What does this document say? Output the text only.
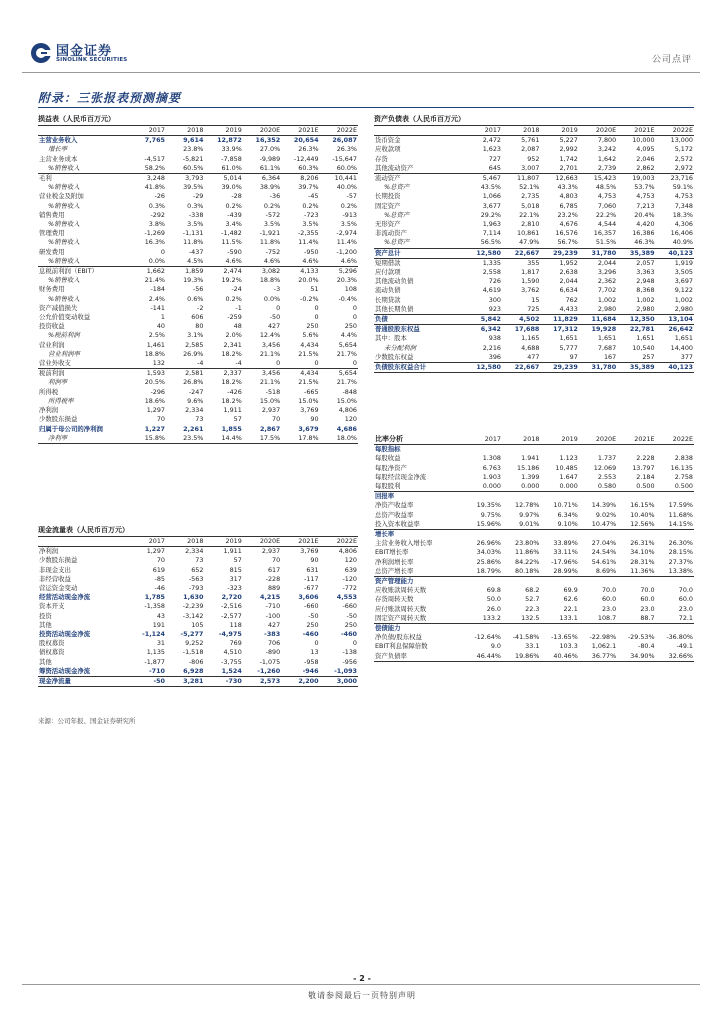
国金证券
SINOLINK SECURITIES	公司点评
附录：三张报表预测摘要
损益表（人民币百万元）
	2017	2018	2019	2020E	2021E	2022E
主营业务收入	7,765	9,614	12,872	16,352	20,654	26,087
增长率		23.8%	33.9%	27.0%	26.3%	26.3%
主营业务成本	-4,517	-5,821	-7,858	-9,989	-12,449	-15,647
%销售收入	58.2%	60.5%	61.0%	61.1%	60.3%	60.0%
毛利	3,248	3,793	5,014	6,364	8,206	10,441
%销售收入	41.8%	39.5%	39.0%	38.9%	39.7%	40.0%
营业税金及附加	-26	-29	-28	-36	-45	-57
%销售收入	0.3%	0.3%	0.2%	0.2%	0.2%	0.2%
销售费用	-292	-338	-439	-572	-723	-913
%销售收入	3.8%	3.5%	3.4%	3.5%	3.5%	3.5%
管理费用	-1,269	-1,131	-1,482	-1,921	-2,355	-2,974
%销售收入	16.3%	11.8%	11.5%	11.8%	11.4%	11.4%
研发费用	0	-437	-590	-752	-950	-1,200
%销售收入	0.0%	4.5%	4.6%	4.6%	4.6%	4.6%
息税前利润（EBIT）	1,662	1,859	2,474	3,082	4,133	5,296
%销售收入	21.4%	19.3%	19.2%	18.8%	20.0%	20.3%
财务费用	-184	-56	-24	-3	51	108
%销售收入	2.4%	0.6%	0.2%	0.0%	-0.2%	-0.4%
资产减值损失	-141	-2	-1	0	0	0
公允价值变动收益	1	606	-259	-50	0	0
投资收益	40	80	48	427	250	250
%税前利润	2.5%	3.1%	2.0%	12.4%	5.6%	4.4%
营业利润	1,461	2,585	2,341	3,456	4,434	5,654
营业利润率	18.8%	26.9%	18.2%	21.1%	21.5%	21.7%
营业外收支	132	-4	-4	0	0	0
税前利润	1,593	2,581	2,337	3,456	4,434	5,654
利润率	20.5%	26.8%	18.2%	21.1%	21.5%	21.7%
所得税	-296	-247	-426	-518	-665	-848
所得税率	18.6%	9.6%	18.2%	15.0%	15.0%	15.0%
净利润	1,297	2,334	1,911	2,937	3,769	4,806
少数股东损益	70	73	57	70	90	120
归属于母公司的净利润	1,227	2,261	1,855	2,867	3,679	4,686
净利率	15.8%	23.5%	14.4%	17.5%	17.8%	18.0%
资产负债表（人民币百万元）
	2017	2018	2019	2020E	2021E	2022E
货币资金	2,472	5,761	5,227	7,800	10,000	13,000
应收款项	1,623	2,087	2,992	3,242	4,095	5,172
存货	727	952	1,742	1,642	2,046	2,572
其他流动资产	645	3,007	2,701	2,739	2,862	2,972
流动资产	5,467	11,807	12,663	15,423	19,003	23,716
%总资产	43.5%	52.1%	43.3%	48.5%	53.7%	59.1%
长期投资	1,066	2,735	4,803	4,753	4,753	4,753
固定资产	3,677	5,018	6,785	7,060	7,213	7,348
%总资产	29.2%	22.1%	23.2%	22.2%	20.4%	18.3%
无形资产	1,963	2,810	4,676	4,544	4,420	4,306
非流动资产	7,114	10,861	16,576	16,357	16,386	16,406
%总资产	56.5%	47.9%	56.7%	51.5%	46.3%	40.9%
资产总计	12,580	22,667	29,239	31,780	35,389	40,123
短期借款	1,335	355	1,952	2,044	2,057	1,919
应付款项	2,558	1,817	2,638	3,296	3,363	3,505
其他流动负债	726	1,590	2,044	2,362	2,948	3,697
流动负债	4,619	3,762	6,634	7,702	8,368	9,122
长期贷款	300	15	762	1,002	1,002	1,002
其他长期负债	923	725	4,433	2,980	2,980	2,980
负债	5,842	4,502	11,829	11,684	12,350	13,104
普通股股东权益	6,342	17,688	17,312	19,928	22,781	26,642
其中：股本	938	1,165	1,651	1,651	1,651	1,651
未分配利润	2,216	4,688	5,777	7,687	10,540	14,400
少数股东权益	396	477	97	167	257	377
负债股东权益合计	12,580	22,667	29,239	31,780	35,389	40,123
比率分析	2017	2018	2019	2020E	2021E	2022E
每股指标						
每股收益	1.308	1.941	1.123	1.737	2.228	2.838
每股净资产	6.763	15.186	10.485	12.069	13.797	16.135
每股经营现金净流	1.903	1.399	1.647	2.553	2.184	2.758
每股股利	0.000	0.000	0.000	0.580	0.500	0.500
回报率						
净资产收益率	19.35%	12.78%	10.71%	14.39%	16.15%	17.59%
总资产收益率	9.75%	9.97%	6.34%	9.02%	10.40%	11.68%
投入资本收益率	15.96%	9.01%	9.10%	10.47%	12.56%	14.15%
增长率						
主营业务收入增长率	26.96%	23.80%	33.89%	27.04%	26.31%	26.30%
EBIT增长率	34.03%	11.86%	33.11%	24.54%	34.10%	28.15%
净利润增长率	25.86%	84.22%	-17.96%	54.61%	28.31%	27.37%
总资产增长率	18.79%	80.18%	28.99%	8.69%	11.36%	13.38%
资产管理能力						
应收账款周转天数	69.8	68.2	69.9	70.0	70.0	70.0
存货周转天数	50.0	52.7	62.6	60.0	60.0	60.0
应付账款周转天数	26.0	22.3	22.1	23.0	23.0	23.0
固定资产周转天数	133.2	132.5	133.1	108.7	88.7	72.1
偿债能力						
净负债/股东权益	-12.64%	-41.58%	-13.65%	-22.98%	-29.53%	-36.80%
EBIT利息保障倍数	9.0	33.1	103.3	1,062.1	-80.4	-49.1
资产负债率	46.44%	19.86%	40.46%	36.77%	34.90%	32.66%
现金流量表（人民币百万元）
	2017	2018	2019	2020E	2021E	2022E
净利润	1,297	2,334	1,911	2,937	3,769	4,806
少数股东损益	70	73	57	70	90	120
非现金支出	619	652	815	617	631	639
非经营收益	-85	-563	317	-228	-117	-120
营运资金变动	-46	-793	-323	889	-677	-772
经营活动现金净流	1,785	1,630	2,720	4,215	3,606	4,553
资本开支	-1,358	-2,239	-2,516	-710	-660	-660
投资	43	-3,142	-2,577	-100	-50	-50
其他	191	105	118	427	250	250
投资活动现金净流	-1,124	-5,277	-4,975	-383	-460	-460
股权募资	31	9,252	769	706	0	0
债权募资	1,135	-1,518	4,510	-890	13	-138
其他	-1,877	-806	-3,755	-1,075	-958	-956
筹资活动现金净流	-710	6,928	1,524	-1,260	-946	-1,093
现金净流量	-50	3,281	-730	2,573	2,200	3,000
来源：公司年报、国金证券研究所
- 2 -
敬请参阅最后一页特别声明
